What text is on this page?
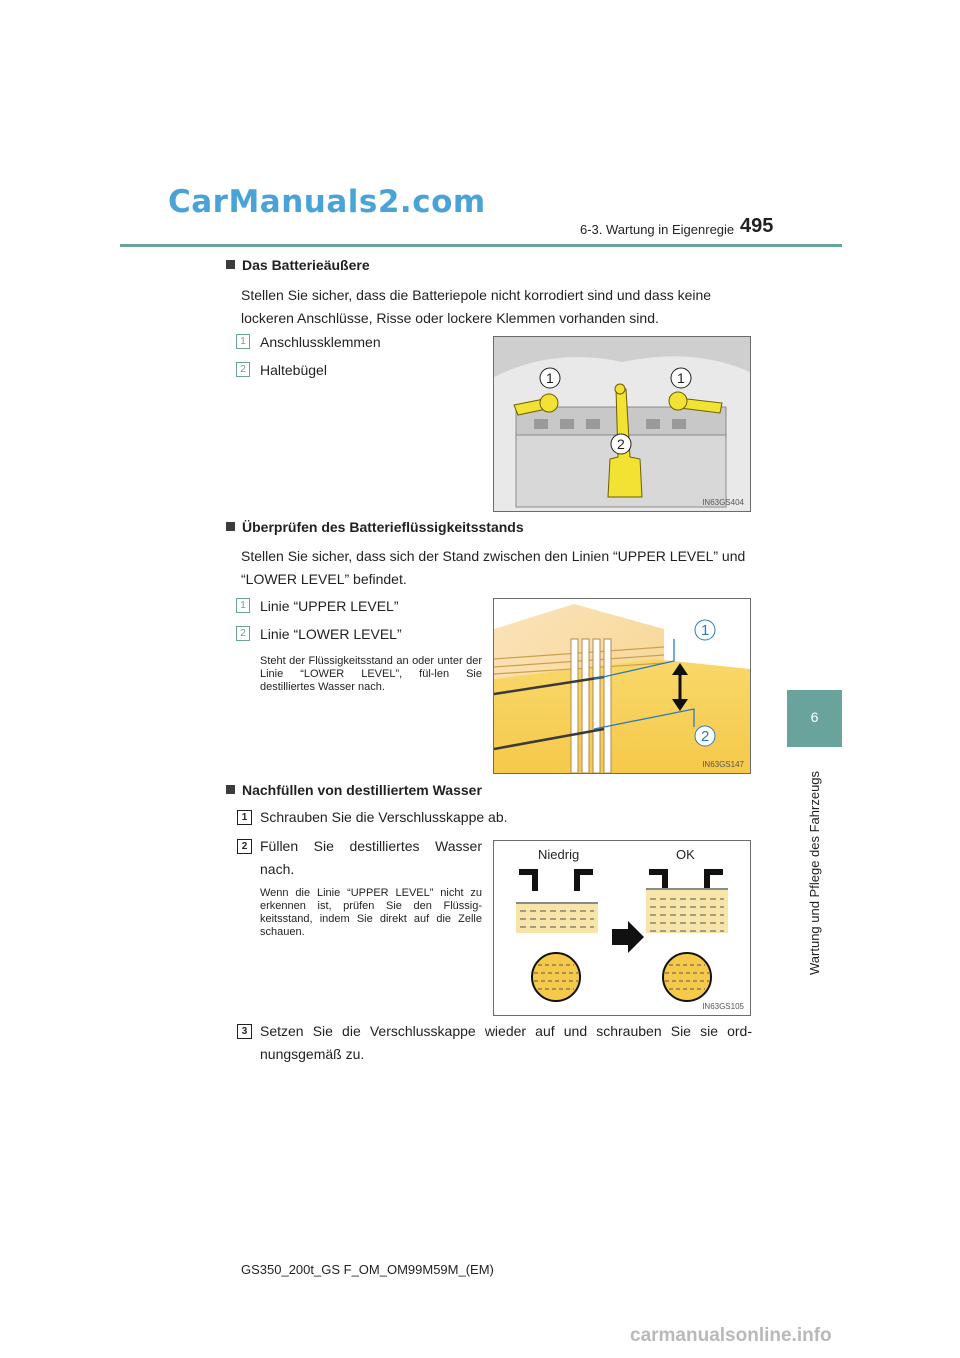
CarManuals2.com
6-3. Wartung in Eigenregie 495
6
Wartung und Pflege des Fahrzeugs
Das Batterieäußere
Stellen Sie sicher, dass die Batteriepole nicht korrodiert sind und dass keine lockeren Anschlüsse, Risse oder lockere Klemmen vorhanden sind.
1	Anschlussklemmen
2	Haltebügel	1	1
2
IN63GS404
Überprüfen des Batterieflüssigkeitsstands
Stellen Sie sicher, dass sich der Stand zwischen den Linien “UPPER LEVEL” und “LOWER LEVEL” befindet.
1	Linie “UPPER LEVEL”
2	Linie “LOWER LEVEL”
Steht der Flüssigkeitsstand an oder unter der Linie “LOWER LEVEL”, fül-len Sie destilliertes Wasser nach.
1
2
IN63GS147
Nachfüllen von destilliertem Wasser
1 Schrauben Sie die Verschlusskappe ab.
2 Füllen Sie destilliertes Wasser nach.
Wenn die Linie “UPPER LEVEL” nicht zu erkennen ist, prüfen Sie den Flüssig-keitsstand, indem Sie direkt auf die Zelle schauen.
Niedrig	OK
IN63GS105
3 Setzen Sie die Verschlusskappe wieder auf und schrauben Sie sie ord-nungsgemäß zu.
GS350_200t_GS F_OM_OM99M59M_(EM)
carmanualsonline.info
